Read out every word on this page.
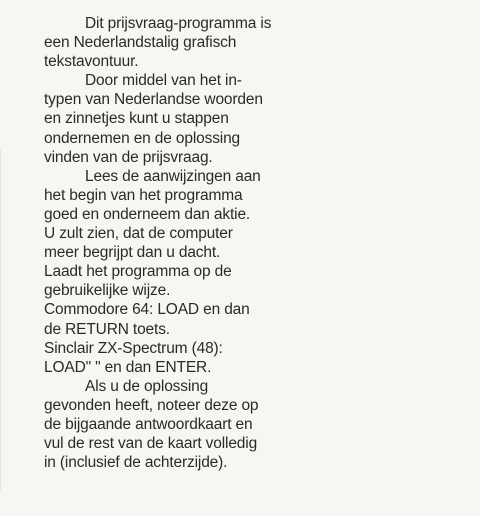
Dit prijsvraag-programma is
een Nederlandstalig grafisch
tekstavontuur.
Door middel van het in-
typen van Nederlandse woorden
en zinnetjes kunt u stappen
ondernemen en de oplossing
vinden van de prijsvraag.
Lees de aanwijzingen aan
het begin van het programma
goed en onderneem dan aktie.
U zult zien, dat de computer
meer begrijpt dan u dacht.
Laadt het programma op de
gebruikelijke wijze.
Commodore 64: LOAD en dan
de RETURN toets.
Sinclair ZX-Spectrum (48):
LOAD" " en dan ENTER.
Als u de oplossing
gevonden heeft, noteer deze op
de bijgaande antwoordkaart en
vul de rest van de kaart volledig
in (inclusief de achterzijde).
